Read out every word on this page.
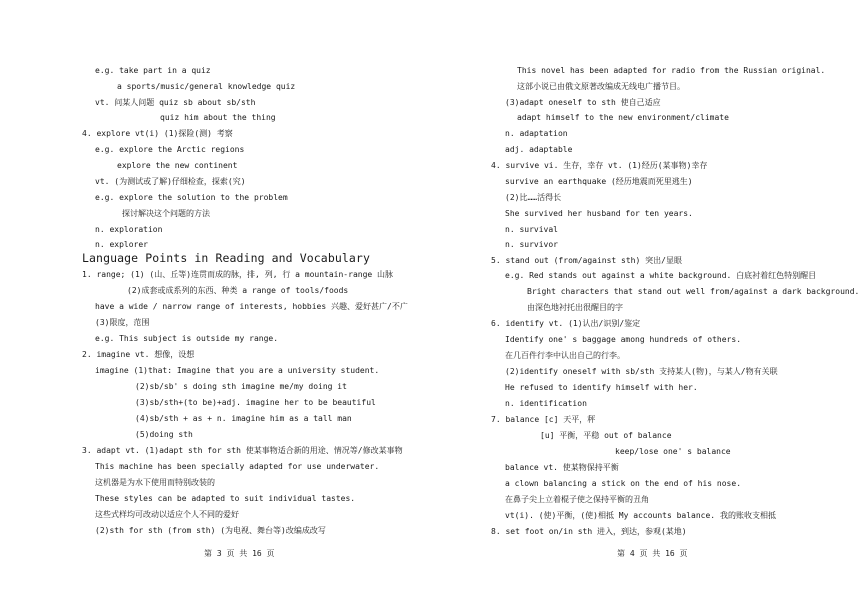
e.g. take part in a quiz
a sports/music/general knowledge quiz
vt. 问某人问题 quiz sb about sb/sth
quiz him about the thing
4. explore vt(i) (1)探险(测) 考察
e.g. explore the Arctic regions
explore the new continent
vt. (为测试或了解)仔细检查，探索(究)
e.g. explore the solution to the problem
探讨解决这个问题的方法
n. exploration
n. explorer
Language Points in Reading and Vocabulary
1. range; (1) (山、丘等)连贯而成的脉，排, 列, 行 a mountain-range 山脉
(2)成套或成系列的东西、种类 a range of tools/foods
have a wide / narrow range of interests, hobbies 兴趣、爱好甚广/不广
(3)限度，范围
e.g. This subject is outside my range.
2. imagine vt. 想像，设想
imagine (1)that: Imagine that you are a university student.
(2)sb/sb' s doing sth imagine me/my doing it
(3)sb/sth+(to be)+adj. imagine her to be beautiful
(4)sb/sth + as + n. imagine him as a tall man
(5)doing sth
3. adapt vt. (1)adapt sth for sth 使某事物适合新的用途、情况等/修改某事物
This machine has been specially adapted for use underwater.
这机器是为水下使用而特别改装的
These styles can be adapted to suit individual tastes.
这些式样均可改动以适应个人不同的爱好
(2)sth for sth (from sth) (为电视、舞台等)改编成改写
第 3 页 共 16 页
This novel has been adapted for radio from the Russian original.
这部小说已由俄文原著改编成无线电广播节目。
(3)adapt oneself to sth 使自己适应
adapt himself to the new environment/climate
n. adaptation
adj. adaptable
4. survive vi. 生存，幸存 vt. (1)经历(某事物)幸存
survive an earthquake (经历地震而死里逃生)
(2)比……活得长
She survived her husband for ten years.
n. survival
n. survivor
5. stand out (from/against sth) 突出/显眼
e.g. Red stands out against a white background. 白底衬着红色特别醒目
Bright characters that stand out well from/against a dark background.
由深色地衬托出很醒目的字
6. identify vt. (1)认出/识别/鉴定
Identify one' s baggage among hundreds of others.
在几百件行李中认出自己的行李。
(2)identify oneself with sb/sth 支持某人(物)，与某人/物有关联
He refused to identify himself with her.
n. identification
7. balance [c] 天平，秤
[u] 平衡，平稳 out of balance
keep/lose one' s balance
balance vt. 使某物保持平衡
a clown balancing a stick on the end of his nose.
在鼻子尖上立着棍子使之保持平衡的丑角
vt(i). (使)平衡，(使)相抵 My accounts balance. 我的账收支相抵
8. set foot on/in sth 进入，到达，参观(某地)
第 4 页 共 16 页
